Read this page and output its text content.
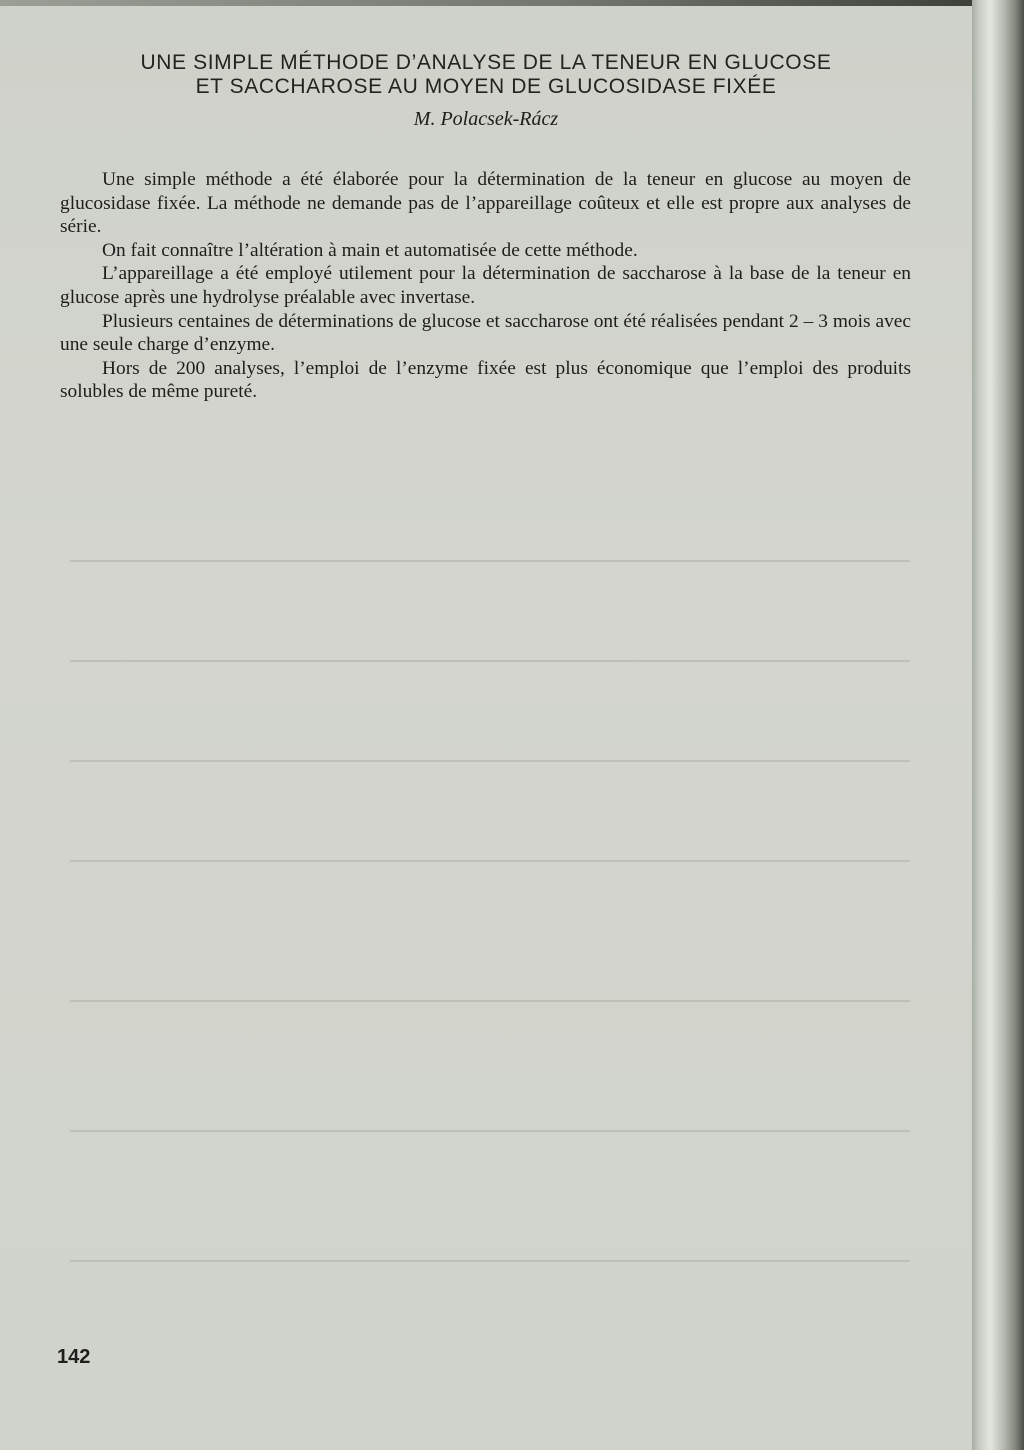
UNE SIMPLE MÉTHODE D’ANALYSE DE LA TENEUR EN GLUCOSE
ET SACCHAROSE AU MOYEN DE GLUCOSIDASE FIXÉE
M. Polacsek-Rácz

Une simple méthode a été élaborée pour la détermination de la teneur en glucose au moyen de glucosidase fixée. La méthode ne demande pas de l’appareillage coûteux et elle est propre aux analyses de série.

On fait connaître l’altération à main et automatisée de cette méthode.

L’appareillage a été employé utilement pour la détermination de saccharose à la base de la teneur en glucose après une hydrolyse préalable avec invertase.

Plusieurs centaines de déterminations de glucose et saccharose ont été réalisées pendant 2 – 3 mois avec une seule charge d’enzyme.

Hors de 200 analyses, l’emploi de l’enzyme fixée est plus économique que l’emploi des produits solubles de même pureté.

142
